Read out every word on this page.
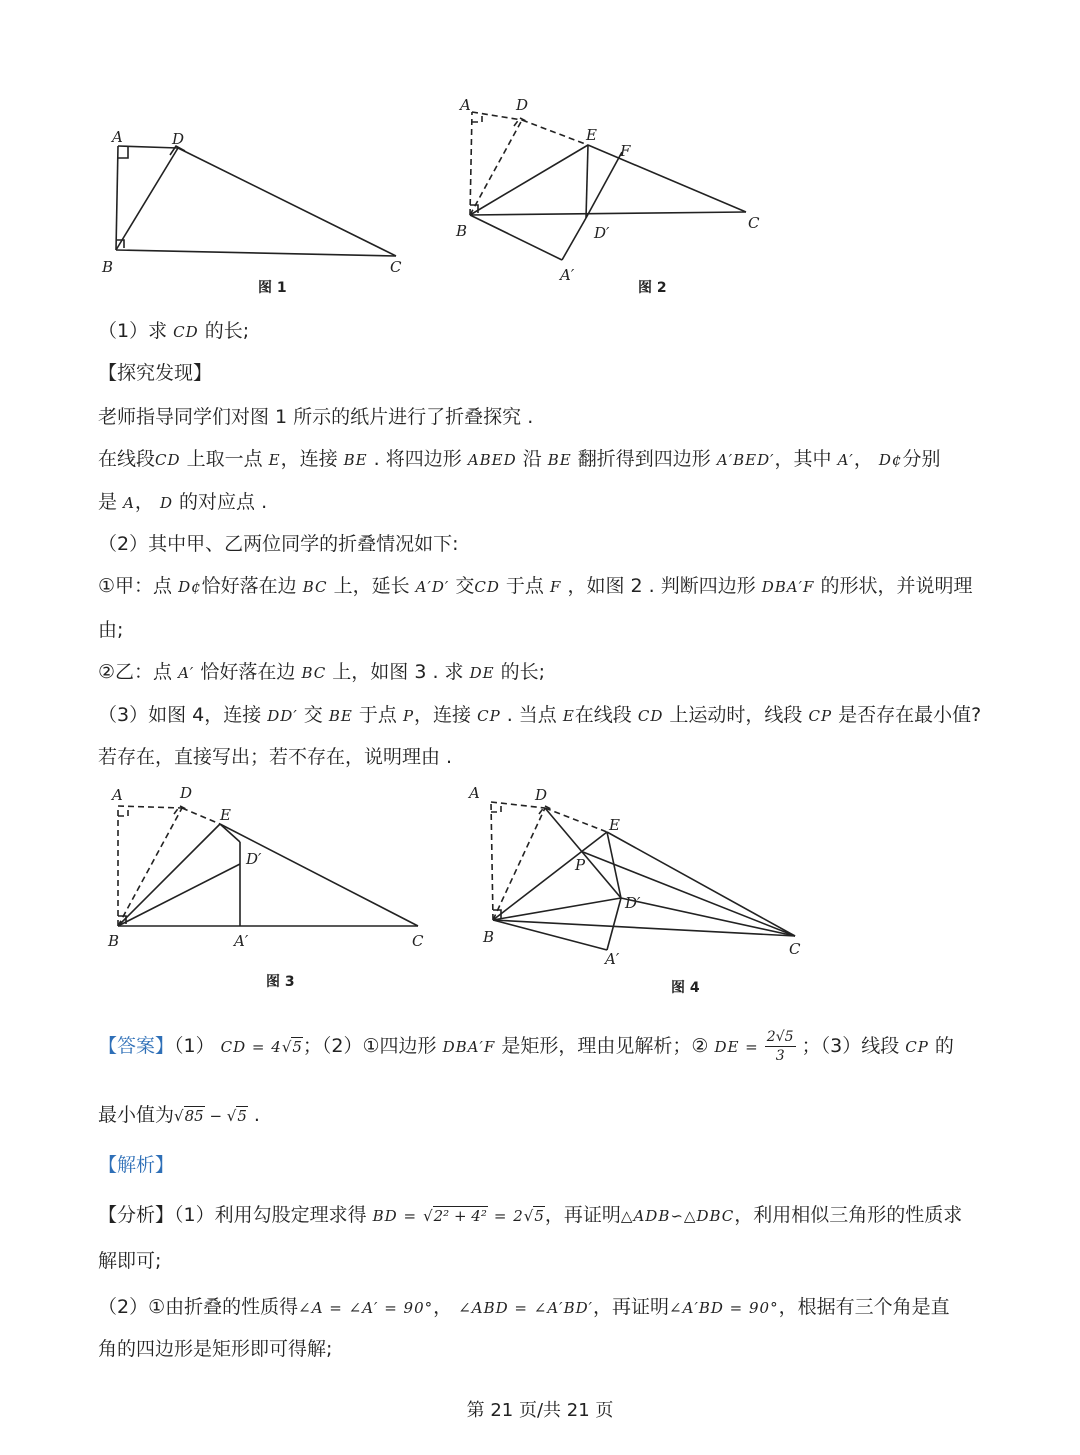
A	D
B	C
图 1
A	D
E
F
B	D′
C
A′
图 2
（1）求 CD 的长;
【探究发现】
老师指导同学们对图 1 所示的纸片进行了折叠探究 .
在线段CD 上取一点 E，连接 BE . 将四边形 ABED 沿 BE 翻折得到四边形 A′BED′，其中 A′， D¢分别
是 A， D 的对应点 .
（2）其中甲、乙两位同学的折叠情况如下:
①甲：点 D¢恰好落在边 BC 上，延长 A′D′ 交CD 于点 F ，如图 2 . 判断四边形 DBA′F 的形状，并说明理
由;
②乙：点 A′ 恰好落在边 BC 上，如图 3 . 求 DE 的长;
（3）如图 4，连接 DD′ 交 BE 于点 P，连接 CP . 当点 E在线段 CD 上运动时，线段 CP 是否存在最小值?
若存在，直接写出；若不存在，说明理由 .
A	D
E
D′
B	A′	C
图 3
A	D
E
P
D′
B
A′
C
图 4
【答案】（1） CD = 4√5；（2）①四边形 DBA′F 是矩形，理由见解析；② DE = $\frac{2√5}{3}$ ；（3）线段 CP 的
最小值为√85 − √5 .
【解析】
【分析】（1）利用勾股定理求得 BD = √2² + 4² = 2√5，再证明△ADB∽△DBC，利用相似三角形的性质求
解即可;
（2）①由折叠的性质得∠A = ∠A′ = 90°， ∠ABD = ∠A′BD′，再证明∠A′BD = 90°，根据有三个角是直
角的四边形是矩形即可得解;
第 21 页/共 21 页
